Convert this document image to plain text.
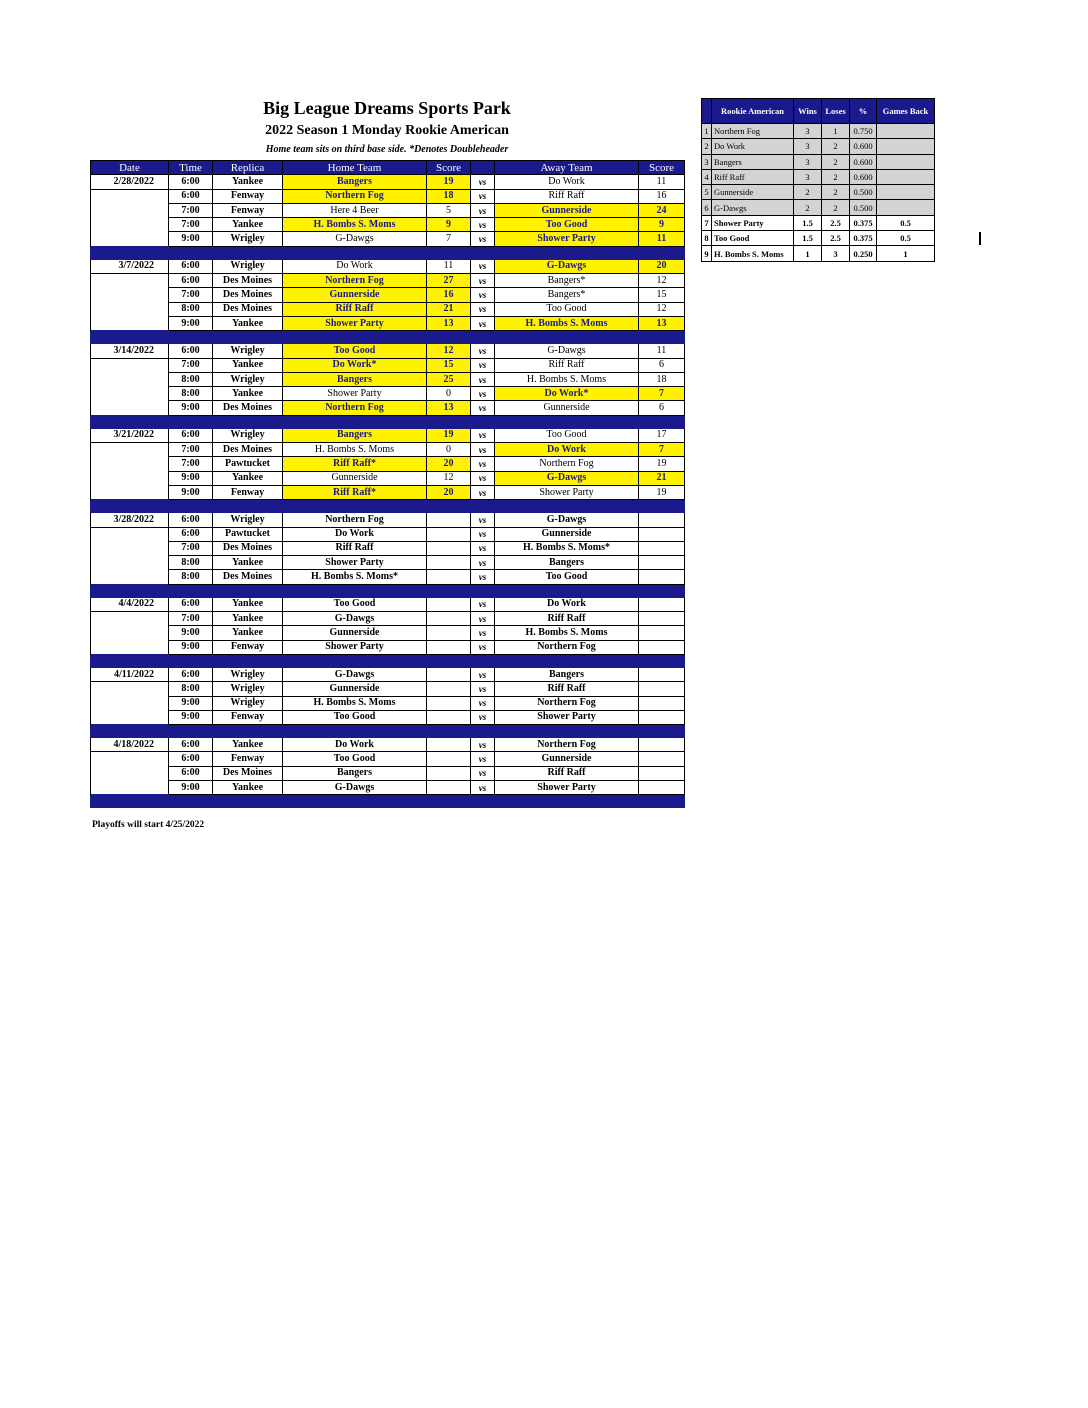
Big League Dreams Sports Park
2022 Season 1 Monday Rookie American
Home team sits on third base side. *Denotes Doubleheader
Date	Time	Replica	Home Team	Score		Away Team	Score
2/28/2022	6:00	Yankee	Bangers	19	vs	Do Work	11
	6:00	Fenway	Northern Fog	18	vs	Riff Raff	16
	7:00	Fenway	Here 4 Beer	5	vs	Gunnerside	24
	7:00	Yankee	H. Bombs S. Moms	9	vs	Too Good	9
	9:00	Wrigley	G-Dawgs	7	vs	Shower Party	11

3/7/2022	6:00	Wrigley	Do Work	11	vs	G-Dawgs	20
	6:00	Des Moines	Northern Fog	27	vs	Bangers*	12
	7:00	Des Moines	Gunnerside	16	vs	Bangers*	15
	8:00	Des Moines	Riff Raff	21	vs	Too Good	12
	9:00	Yankee	Shower Party	13	vs	H. Bombs S. Moms	13

3/14/2022	6:00	Wrigley	Too Good	12	vs	G-Dawgs	11
	7:00	Yankee	Do Work*	15	vs	Riff Raff	6
	8:00	Wrigley	Bangers	25	vs	H. Bombs S. Moms	18
	8:00	Yankee	Shower Party	0	vs	Do Work*	7
	9:00	Des Moines	Northern Fog	13	vs	Gunnerside	6

3/21/2022	6:00	Wrigley	Bangers	19	vs	Too Good	17
	7:00	Des Moines	H. Bombs S. Moms	0	vs	Do Work	7
	7:00	Pawtucket	Riff Raff*	20	vs	Northern Fog	19
	9:00	Yankee	Gunnerside	12	vs	G-Dawgs	21
	9:00	Fenway	Riff Raff*	20	vs	Shower Party	19

3/28/2022	6:00	Wrigley	Northern Fog		vs	G-Dawgs	
	6:00	Pawtucket	Do Work		vs	Gunnerside	
	7:00	Des Moines	Riff Raff		vs	H. Bombs S. Moms*	
	8:00	Yankee	Shower Party		vs	Bangers	
	8:00	Des Moines	H. Bombs S. Moms*		vs	Too Good	

4/4/2022	6:00	Yankee	Too Good		vs	Do Work	
	7:00	Yankee	G-Dawgs		vs	Riff Raff	
	9:00	Yankee	Gunnerside		vs	H. Bombs S. Moms	
	9:00	Fenway	Shower Party		vs	Northern Fog	

4/11/2022	6:00	Wrigley	G-Dawgs		vs	Bangers	
	8:00	Wrigley	Gunnerside		vs	Riff Raff	
	9:00	Wrigley	H. Bombs S. Moms		vs	Northern Fog	
	9:00	Fenway	Too Good		vs	Shower Party	

4/18/2022	6:00	Yankee	Do Work		vs	Northern Fog	
	6:00	Fenway	Too Good		vs	Gunnerside	
	6:00	Des Moines	Bangers		vs	Riff Raff	
	9:00	Yankee	G-Dawgs		vs	Shower Party	

Playoffs will start 4/25/2022
	Rookie American	Wins	Loses	%	Games Back
1	Northern Fog	3	1	0.750	
2	Do Work	3	2	0.600	
3	Bangers	3	2	0.600	
4	Riff Raff	3	2	0.600	
5	Gunnerside	2	2	0.500	
6	G-Dawgs	2	2	0.500	
7	Shower Party	1.5	2.5	0.375	0.5
8	Too Good	1.5	2.5	0.375	0.5
9	H. Bombs S. Moms	1	3	0.250	1
